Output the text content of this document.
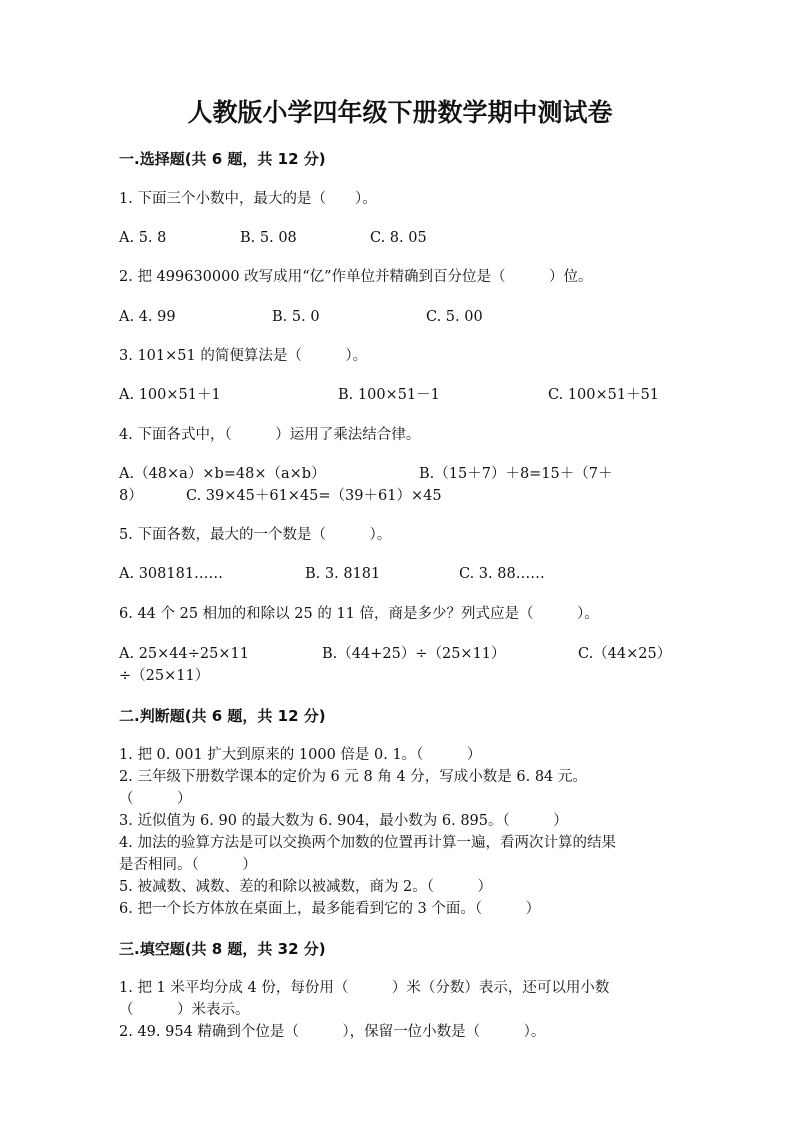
人教版小学四年级下册数学期中测试卷
一.选择题(共 6 题，共 12 分)
1. 下面三个小数中，最大的是（　　）。
A. 5. 8	B. 5. 08	C. 8. 05
2. 把 499630000 改写成用“亿”作单位并精确到百分位是（　　　）位。
A. 4. 99	B. 5. 0	C. 5. 00
3. 101×51 的简便算法是（　　　）。
A. 100×51＋1	B. 100×51－1	C. 100×51＋51
4. 下面各式中，（　　　）运用了乘法结合律。
A.（48×a）×b=48×（a×b）	B.（15＋7）＋8=15＋（7＋
8）	C. 39×45＋61×45=（39＋61）×45
5. 下面各数，最大的一个数是（　　　）。
A. 308181……	B. 3. 8181	C. 3. 88……
6. 44 个 25 相加的和除以 25 的 11 倍，商是多少？列式应是（　　　）。
A. 25×44÷25×11	B.（44+25）÷（25×11）	C.（44×25）
÷（25×11）
二.判断题(共 6 题，共 12 分)
1. 把 0. 001 扩大到原来的 1000 倍是 0. 1。（　　　）
2. 三年级下册数学课本的定价为 6 元 8 角 4 分，写成小数是 6. 84 元。
（　　　）
3. 近似值为 6. 90 的最大数为 6. 904，最小数为 6. 895。（　　　）
4. 加法的验算方法是可以交换两个加数的位置再计算一遍，看两次计算的结果
是否相同。（　　　）
5. 被减数、减数、差的和除以被减数，商为 2。（　　　）
6. 把一个长方体放在桌面上，最多能看到它的 3 个面。（　　　）
三.填空题(共 8 题，共 32 分)
1. 把 1 米平均分成 4 份，每份用（　　　）米（分数）表示，还可以用小数
（　　　）米表示。
2. 49. 954 精确到个位是（　　　），保留一位小数是（　　　）。
